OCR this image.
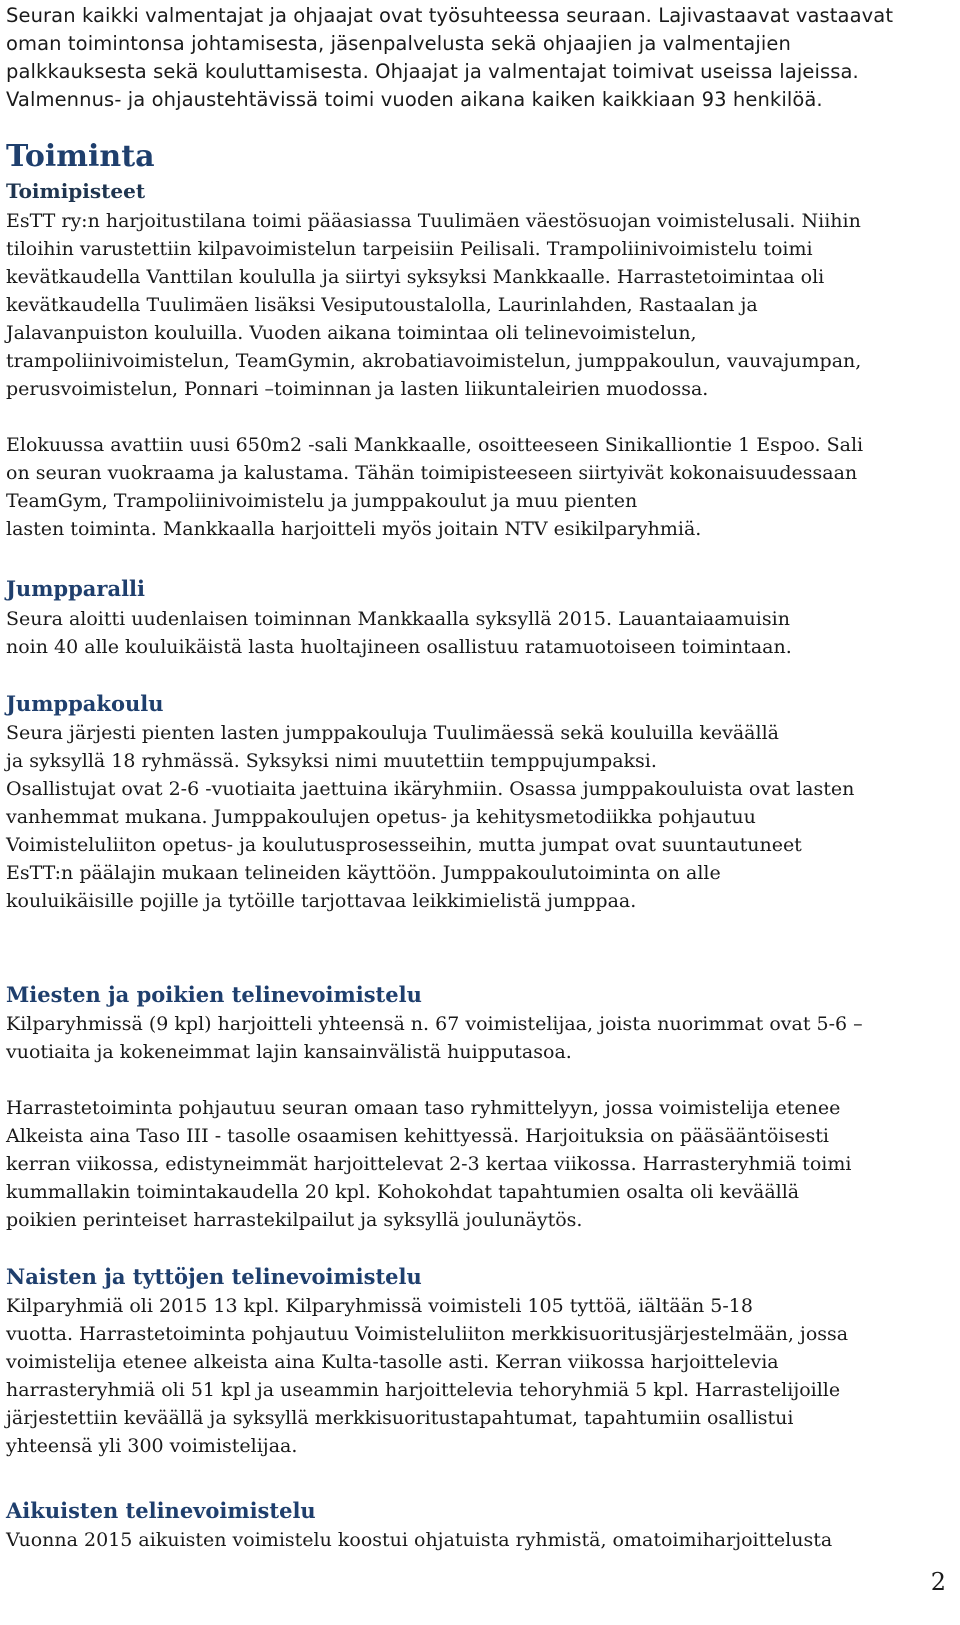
Seuran kaikki valmentajat ja ohjaajat ovat työsuhteessa seuraan. Lajivastaavat vastaavat
oman toimintonsa johtamisesta, jäsenpalvelusta sekä ohjaajien ja valmentajien
palkkauksesta sekä kouluttamisesta. Ohjaajat ja valmentajat toimivat useissa lajeissa.
Valmennus- ja ohjaustehtävissä toimi vuoden aikana kaiken kaikkiaan 93 henkilöä.
Toiminta
Toimipisteet
EsTT ry:n harjoitustilana toimi pääasiassa Tuulimäen väestösuojan voimistelusali. Niihin
tiloihin varustettiin kilpavoimistelun tarpeisiin Peilisali. Trampoliinivoimistelu toimi
kevätkaudella Vanttilan koululla ja siirtyi syksyksi Mankkaalle. Harrastetoimintaa oli
kevätkaudella Tuulimäen lisäksi Vesiputoustalolla, Laurinlahden, Rastaalan ja
Jalavanpuiston kouluilla. Vuoden aikana toimintaa oli telinevoimistelun,
trampoliinivoimistelun, TeamGymin, akrobatiavoimistelun, jumppakoulun, vauvajumpan,
perusvoimistelun, Ponnari –toiminnan ja lasten liikuntaleirien muodossa.
Elokuussa avattiin uusi 650m2 -sali Mankkaalle, osoitteeseen Sinikalliontie 1 Espoo. Sali
on seuran vuokraama ja kalustama. Tähän toimipisteeseen siirtyivät kokonaisuudessaan
TeamGym, Trampoliinivoimistelu ja jumppakoulut ja muu pienten
lasten toiminta. Mankkaalla harjoitteli myös joitain NTV esikilparyhmiä.
Jumpparalli
Seura aloitti uudenlaisen toiminnan Mankkaalla syksyllä 2015. Lauantaiaamuisin
noin 40 alle kouluikäistä lasta huoltajineen osallistuu ratamuotoiseen toimintaan.
Jumppakoulu
Seura järjesti pienten lasten jumppakouluja Tuulimäessä sekä kouluilla keväällä
ja syksyllä 18 ryhmässä. Syksyksi nimi muutettiin temppujumpaksi.
Osallistujat ovat 2-6 -vuotiaita jaettuina ikäryhmiin. Osassa jumppakouluista ovat lasten
vanhemmat mukana. Jumppakoulujen opetus- ja kehitysmetodiikka pohjautuu
Voimisteluliiton opetus- ja koulutusprosesseihin, mutta jumpat ovat suuntautuneet
EsTT:n päälajin mukaan telineiden käyttöön. Jumppakoulutoiminta on alle
kouluikäisille pojille ja tytöille tarjottavaa leikkimielistä jumppaa.
Miesten ja poikien telinevoimistelu
Kilparyhmissä (9 kpl) harjoitteli yhteensä n. 67 voimistelijaa, joista nuorimmat ovat 5-6 –
vuotiaita ja kokeneimmat lajin kansainvälistä huipputasoa.
Harrastetoiminta pohjautuu seuran omaan taso ryhmittelyyn, jossa voimistelija etenee
Alkeista aina Taso III - tasolle osaamisen kehittyessä. Harjoituksia on pääsääntöisesti
kerran viikossa, edistyneimmät harjoittelevat 2-3 kertaa viikossa. Harrasteryhmiä toimi
kummallakin toimintakaudella 20 kpl. Kohokohdat tapahtumien osalta oli keväällä
poikien perinteiset harrastekilpailut ja syksyllä joulunäytös.
Naisten ja tyttöjen telinevoimistelu
Kilparyhmiä oli 2015 13 kpl. Kilparyhmissä voimisteli 105 tyttöä, iältään 5-18
vuotta. Harrastetoiminta pohjautuu Voimisteluliiton merkkisuoritusjärjestelmään, jossa
voimistelija etenee alkeista aina Kulta-tasolle asti. Kerran viikossa harjoittelevia
harrasteryhmiä oli 51 kpl ja useammin harjoittelevia tehoryhmiä 5 kpl. Harrastelijoille
järjestettiin keväällä ja syksyllä merkkisuoritustapahtumat, tapahtumiin osallistui
yhteensä yli 300 voimistelijaa.
Aikuisten telinevoimistelu
Vuonna 2015 aikuisten voimistelu koostui ohjatuista ryhmistä, omatoimiharjoittelusta
2
